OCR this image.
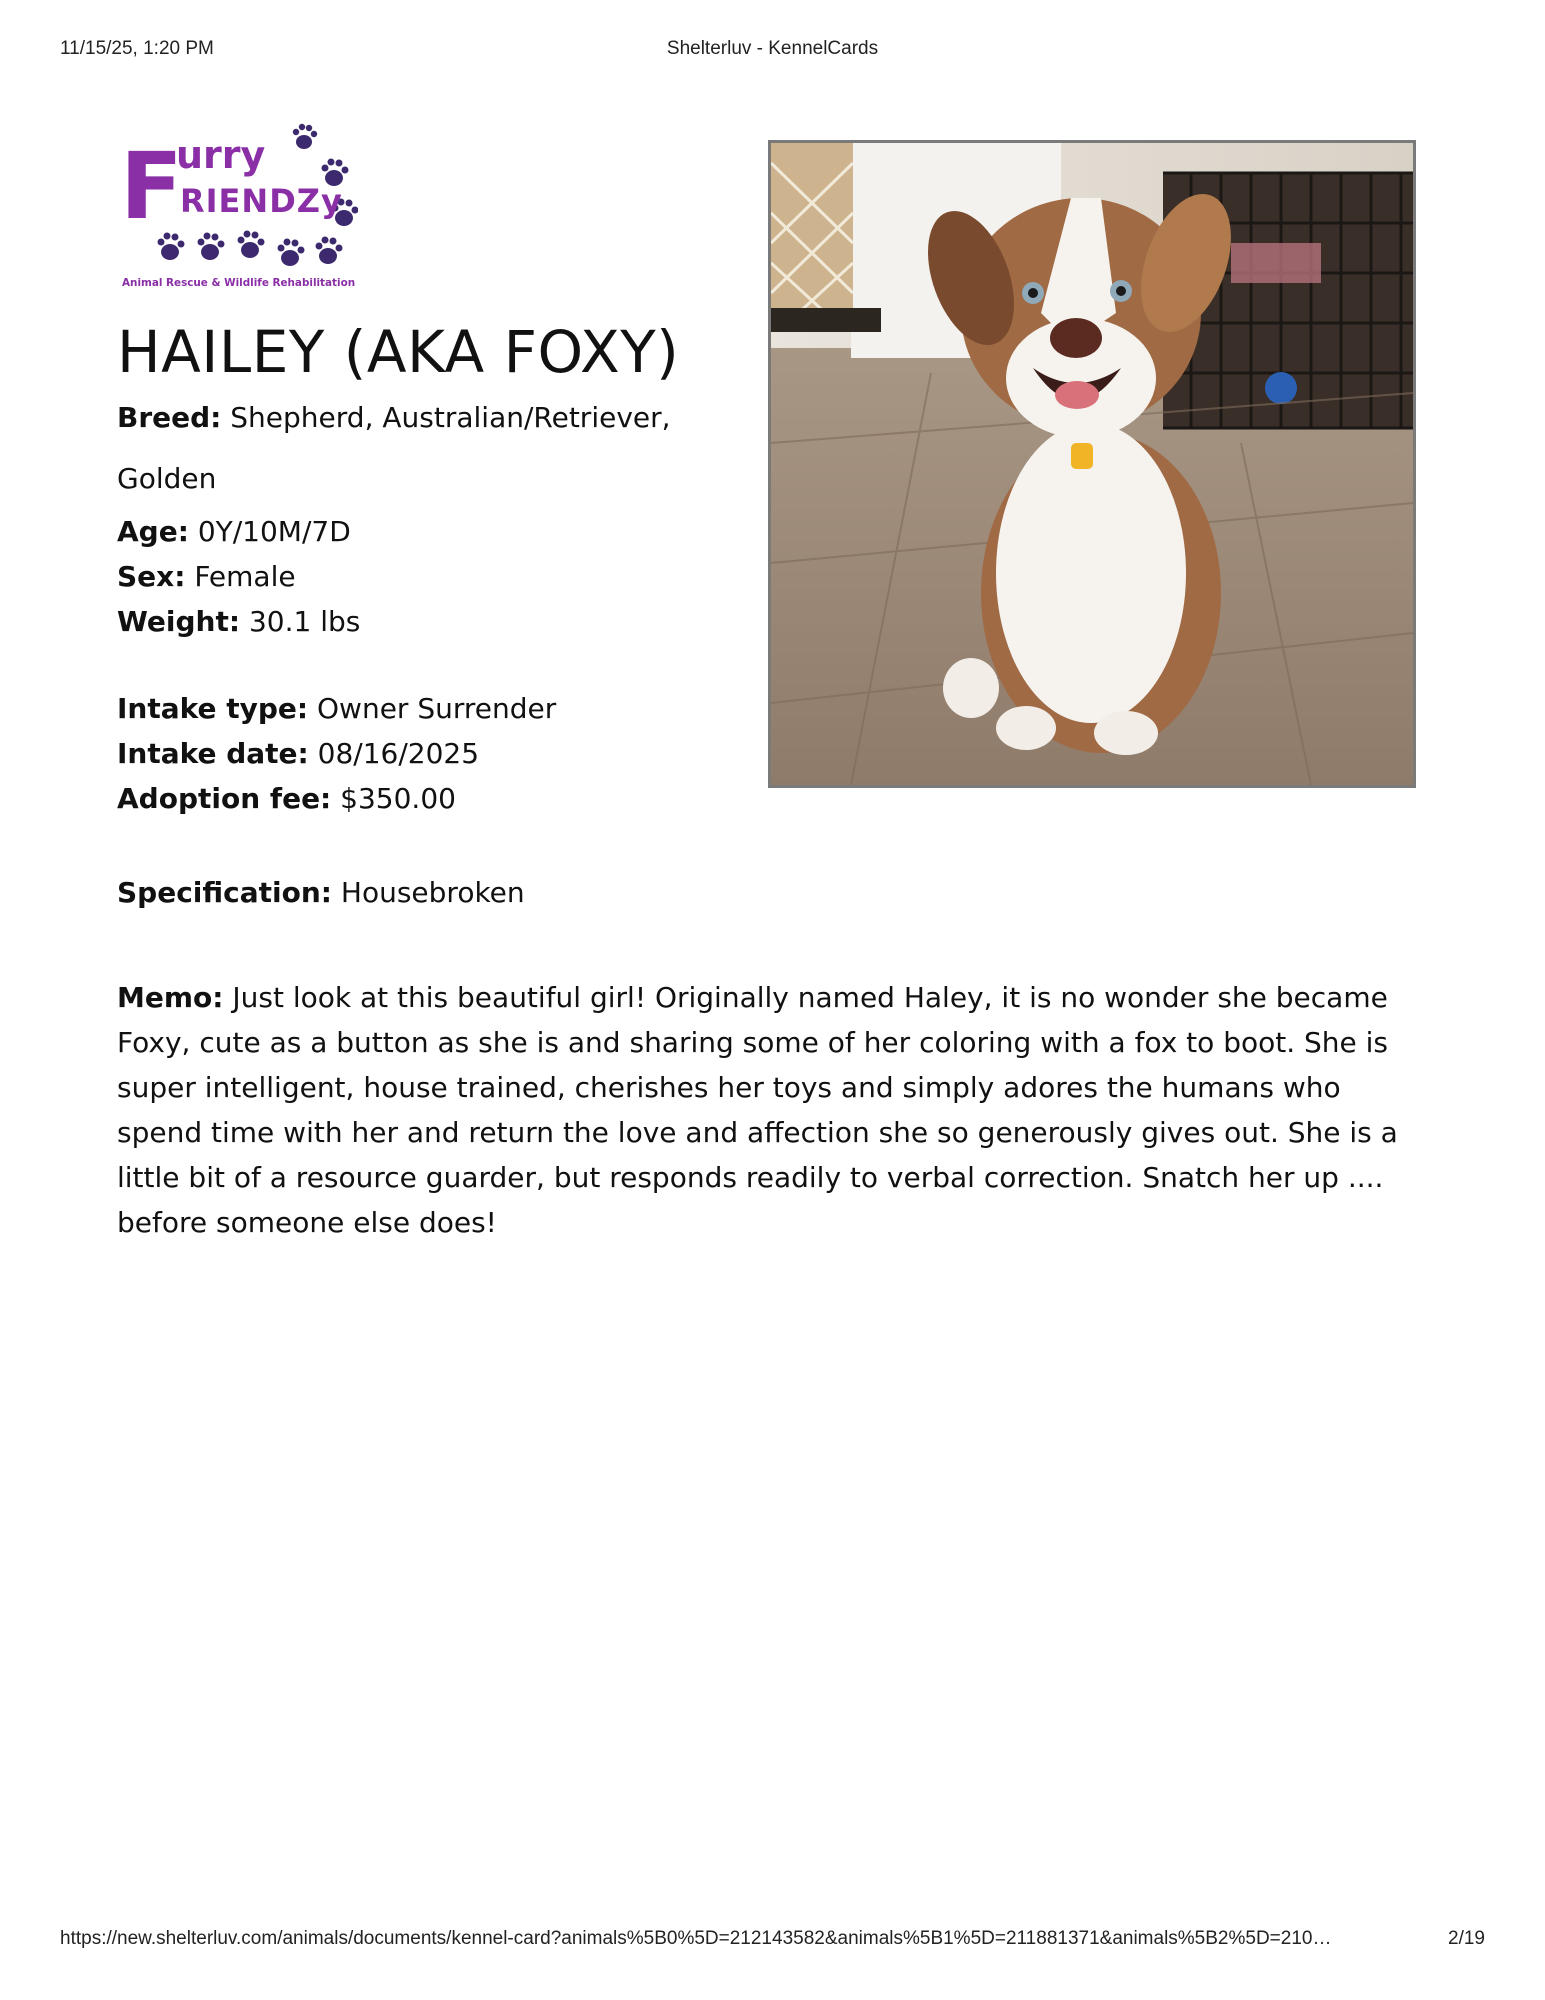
11/15/25, 1:20 PM	Shelterluv - KennelCards
F
urry
RIENDZy
Animal Rescue & Wildlife Rehabilitation
HAILEY (AKA FOXY)
Breed: Shepherd, Australian/Retriever, Golden
Age: 0Y/10M/7D
Sex: Female
Weight: 30.1 lbs
Intake type: Owner Surrender
Intake date: 08/16/2025
Adoption fee: $350.00
Specification: Housebroken
Memo: Just look at this beautiful girl! Originally named Haley, it is no wonder she became Foxy, cute as a button as she is and sharing some of her coloring with a fox to boot. She is super intelligent, house trained, cherishes her toys and simply adores the humans who spend time with her and return the love and affection she so generously gives out. She is a little bit of a resource guarder, but responds readily to verbal correction. Snatch her up .... before someone else does!
https://new.shelterluv.com/animals/documents/kennel-card?animals%5B0%5D=212143582&animals%5B1%5D=211881371&animals%5B2%5D=210…	2/19
